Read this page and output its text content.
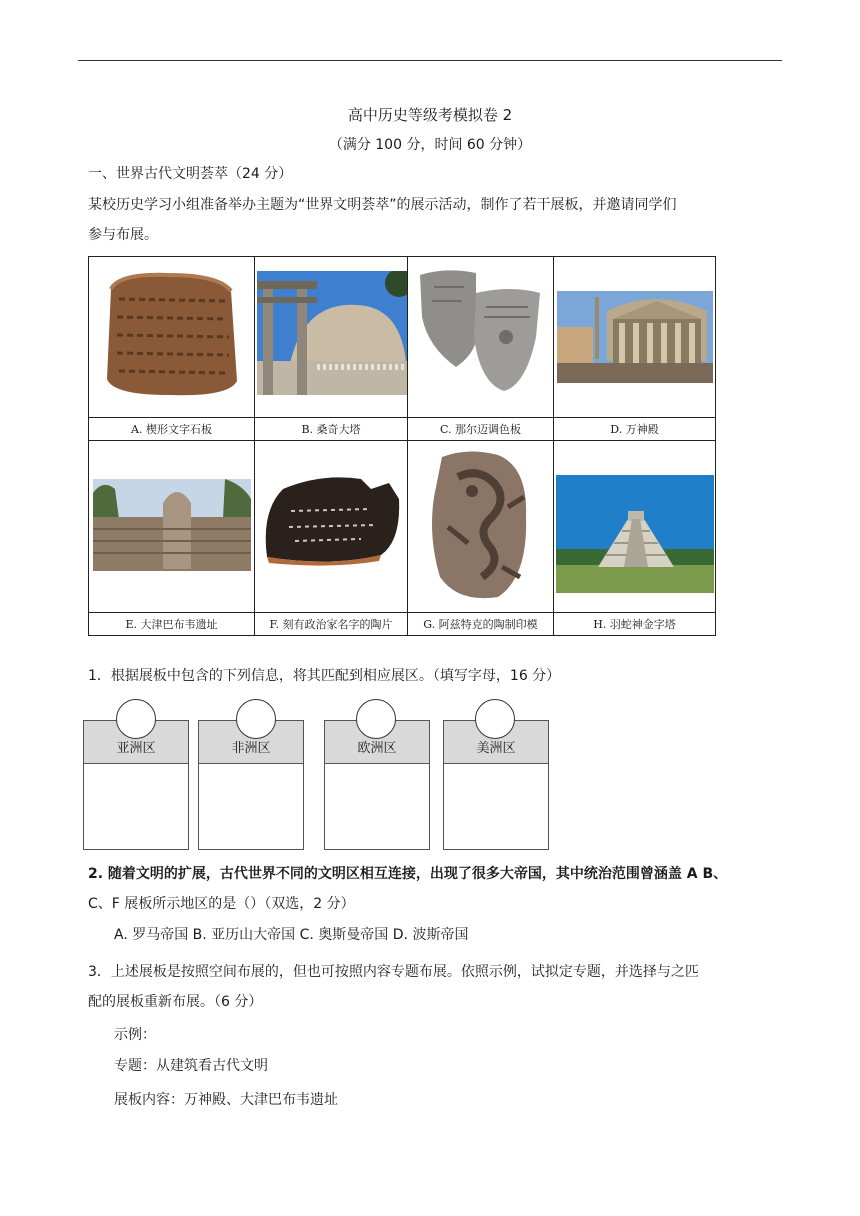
高中历史等级考模拟卷 2
（满分 100 分，时间 60 分钟）
一、世界古代文明荟萃（24 分）
某校历史学习小组准备举办主题为“世界文明荟萃”的展示活动，制作了若干展板，并邀请同学们
参与布展。

A. 楔形文字石板	B. 桑奇大塔	C. 那尔迈调色板	D. 万神殿

E. 大津巴布韦遗址	F. 刻有政治家名字的陶片	G. 阿兹特克的陶制印模	H. 羽蛇神金字塔
1．根据展板中包含的下列信息，将其匹配到相应展区。（填写字母，16 分）
亚洲区	非洲区	欧洲区	美洲区
2. 随着文明的扩展，古代世界不同的文明区相互连接，出现了很多大帝国，其中统治范围曾涵盖 A B、
C、F 展板所示地区的是（）（双选，2 分）
A. 罗马帝国 B. 亚历山大帝国 C. 奥斯曼帝国 D. 波斯帝国
3．上述展板是按照空间布展的，但也可按照内容专题布展。依照示例，试拟定专题，并选择与之匹
配的展板重新布展。（6 分）
示例：
专题：从建筑看古代文明
展板内容：万神殿、大津巴布韦遗址
